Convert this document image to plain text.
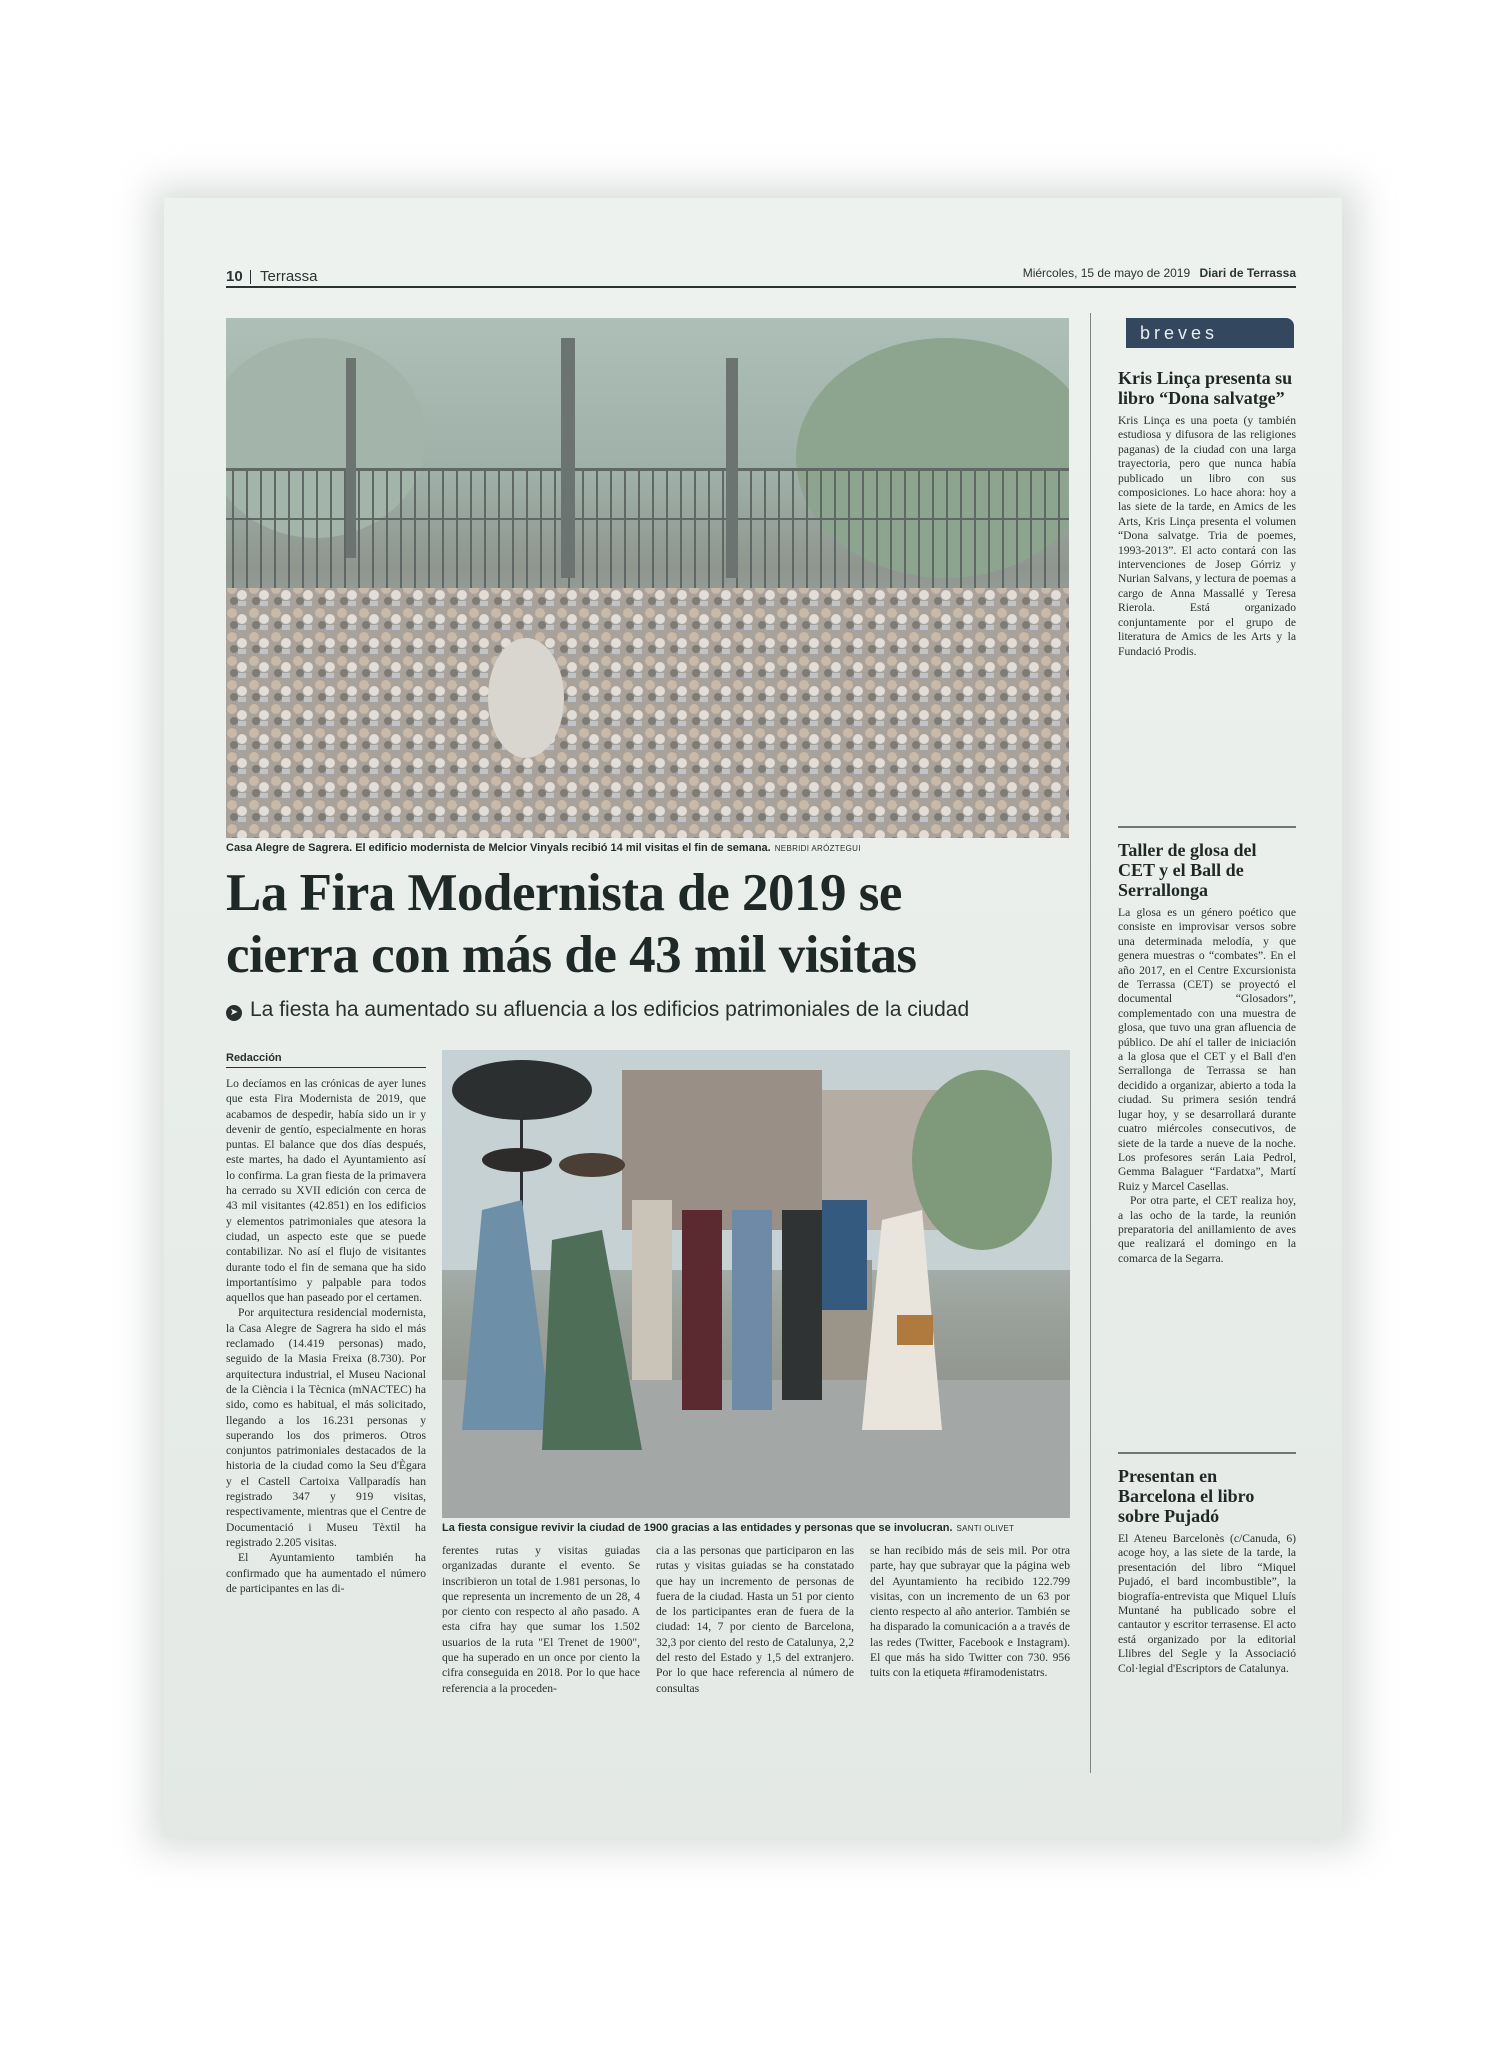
10 Terrassa	Miércoles, 15 de mayo de 2019 Diari de Terrassa
Casa Alegre de Sagrera. El edificio modernista de Melcior Vinyals recibió 14 mil visitas el fin de semana. NEBRIDI ARÓZTEGUI
La Fira Modernista de 2019 se
cierra con más de 43 mil visitas
➤ La fiesta ha aumentado su afluencia a los edificios patrimoniales de la ciudad
Redacción

Lo decíamos en las crónicas de ayer lunes que esta Fira Modernista de 2019, que acabamos de despedir, había sido un ir y devenir de gentío, especialmente en horas puntas. El balance que dos días después, este martes, ha dado el Ayuntamiento así lo confirma. La gran fiesta de la primavera ha cerrado su XVII edición con cerca de 43 mil visitantes (42.851) en los edificios y elementos patrimoniales que atesora la ciudad, un aspecto este que se puede contabilizar. No así el flujo de visitantes durante todo el fin de semana que ha sido importantísimo y palpable para todos aquellos que han paseado por el certamen.

Por arquitectura residencial modernista, la Casa Alegre de Sagrera ha sido el más reclamado (14.419 personas) mado, seguido de la Masia Freixa (8.730). Por arquitectura industrial, el Museu Nacional de la Ciència i la Tècnica (mNACTEC) ha sido, como es habitual, el más solicitado, llegando a los 16.231 personas y superando los dos primeros. Otros conjuntos patrimoniales destacados de la historia de la ciudad como la Seu d'Ègara y el Castell Cartoixa Vallparadís han registrado 347 y 919 visitas, respectivamente, mientras que el Centre de Documentació i Museu Tèxtil ha registrado 2.205 visitas.

El Ayuntamiento también ha confirmado que ha aumentado el número de participantes en las di-

La fiesta consigue revivir la ciudad de 1900 gracias a las entidades y personas que se involucran. SANTI OLIVET

ferentes rutas y visitas guiadas organizadas durante el evento. Se inscribieron un total de 1.981 personas, lo que representa un incremento de un 28, 4 por ciento con respecto al año pasado. A esta cifra hay que sumar los 1.502 usuarios de la ruta "El Trenet de 1900", que ha superado en un once por ciento la cifra conseguida en 2018. Por lo que hace referencia a la proceden-

cia a las personas que participaron en las rutas y visitas guiadas se ha constatado que hay un incremento de personas de fuera de la ciudad. Hasta un 51 por ciento de los participantes eran de fuera de la ciudad: 14, 7 por ciento de Barcelona, 32,3 por ciento del resto de Catalunya, 2,2 del resto del Estado y 1,5 del extranjero. Por lo que hace referencia al número de consultas

se han recibido más de seis mil. Por otra parte, hay que subrayar que la página web del Ayuntamiento ha recibido 122.799 visitas, con un incremento de un 63 por ciento respecto al año anterior. También se ha disparado la comunicación a a través de las redes (Twitter, Facebook e Instagram). El que más ha sido Twitter con 730. 956 tuits con la etiqueta #firamodenistatrs.

breves
Kris Linça presenta su libro “Dona salvatge”
Kris Linça es una poeta (y también estudiosa y difusora de las religiones paganas) de la ciudad con una larga trayectoria, pero que nunca había publicado un libro con sus composiciones. Lo hace ahora: hoy a las siete de la tarde, en Amics de les Arts, Kris Linça presenta el volumen “Dona salvatge. Tria de poemes, 1993-2013”. El acto contará con las intervenciones de Josep Górriz y Nurian Salvans, y lectura de poemas a cargo de Anna Massallé y Teresa Rierola. Está organizado conjuntamente por el grupo de literatura de Amics de les Arts y la Fundació Prodis.
Taller de glosa del CET y el Ball de Serrallonga
La glosa es un género poético que consiste en improvisar versos sobre una determinada melodía, y que genera muestras o “combates”. En el año 2017, en el Centre Excursionista de Terrassa (CET) se proyectó el documental “Glosadors”, complementado con una muestra de glosa, que tuvo una gran afluencia de público. De ahí el taller de iniciación a la glosa que el CET y el Ball d'en Serrallonga de Terrassa se han decidido a organizar, abierto a toda la ciudad. Su primera sesión tendrá lugar hoy, y se desarrollará durante cuatro miércoles consecutivos, de siete de la tarde a nueve de la noche. Los profesores serán Laia Pedrol, Gemma Balaguer “Fardatxa”, Martí Ruiz y Marcel Casellas.
Por otra parte, el CET realiza hoy, a las ocho de la tarde, la reunión preparatoria del anillamiento de aves que realizará el domingo en la comarca de la Segarra.
Presentan en Barcelona el libro sobre Pujadó
El Ateneu Barcelonès (c/Canuda, 6) acoge hoy, a las siete de la tarde, la presentación del libro “Miquel Pujadó, el bard incombustible”, la biografía-entrevista que Miquel Lluís Muntané ha publicado sobre el cantautor y escritor terrasense. El acto está organizado por la editorial Llibres del Segle y la Associació Col·legial d'Escriptors de Catalunya.
